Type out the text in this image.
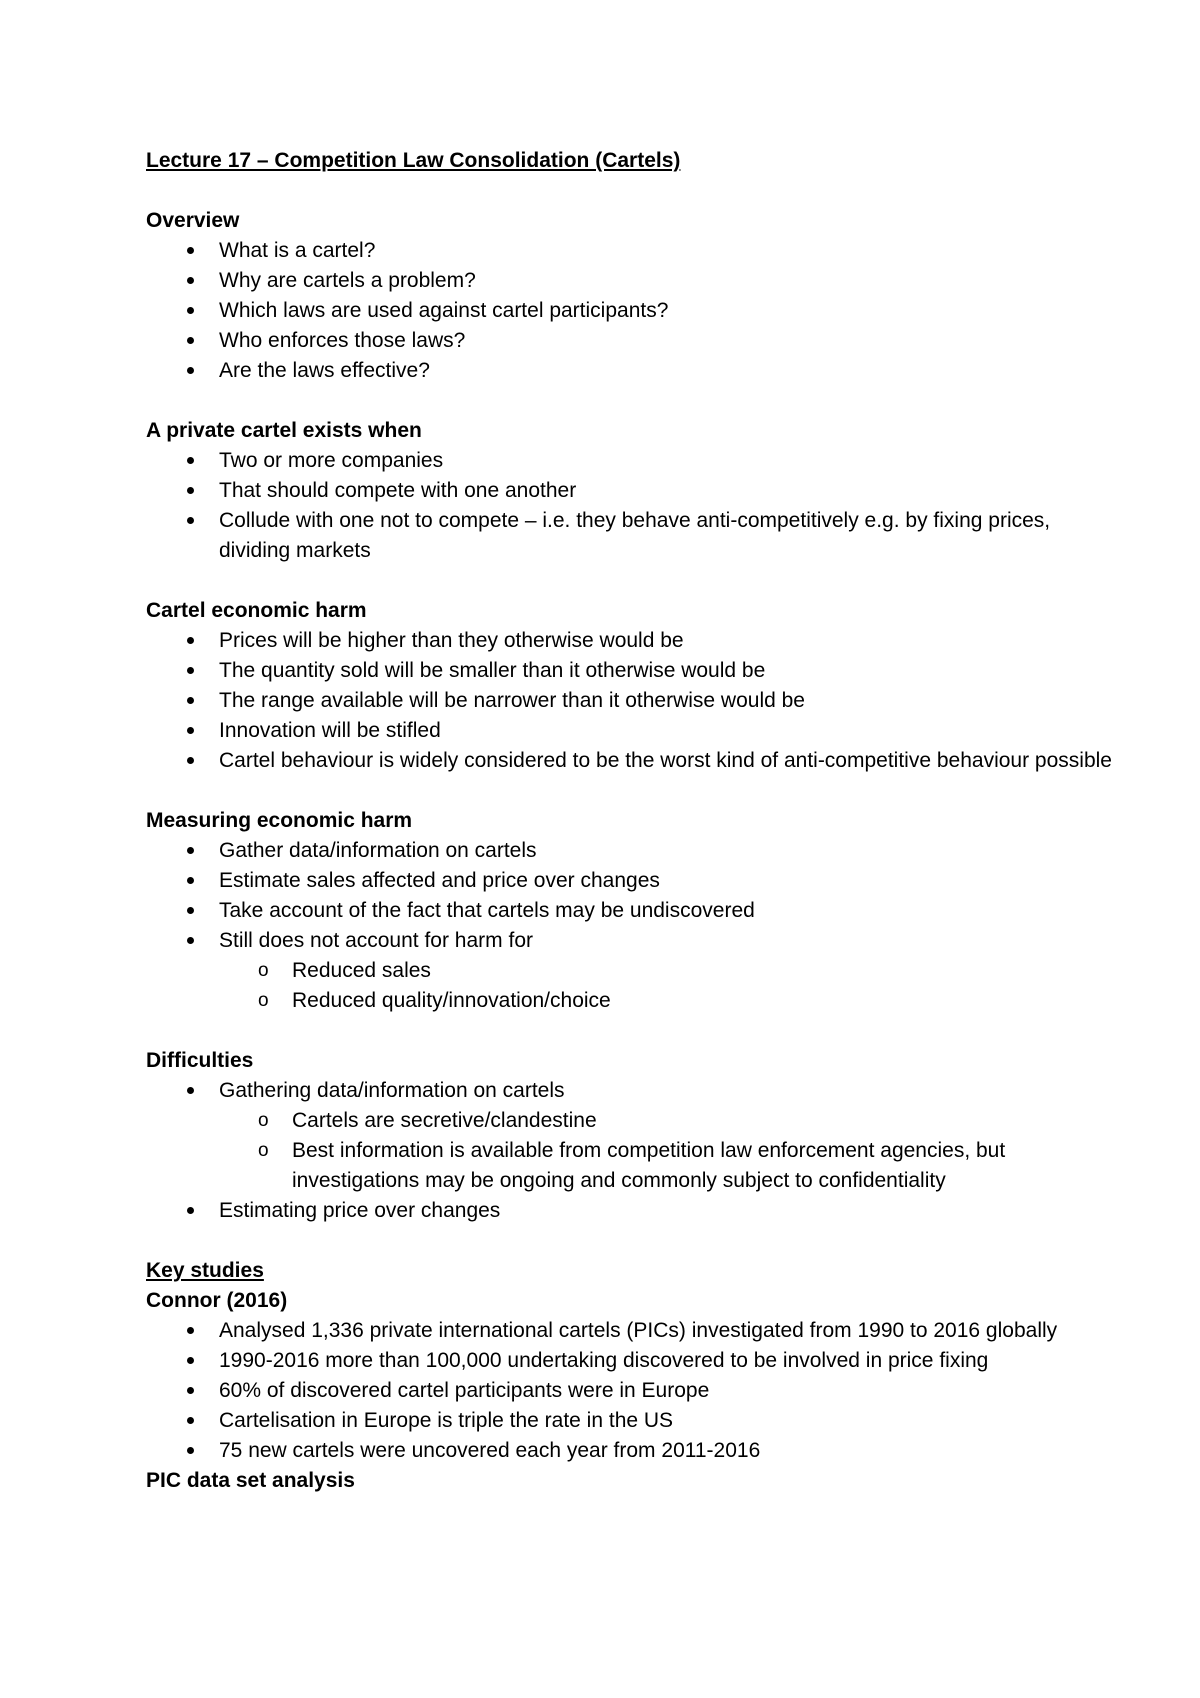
Lecture 17 – Competition Law Consolidation (Cartels)
Overview
What is a cartel?
Why are cartels a problem?
Which laws are used against cartel participants?
Who enforces those laws?
Are the laws effective?
A private cartel exists when
Two or more companies
That should compete with one another
Collude with one not to compete – i.e. they behave anti-competitively e.g. by fixing prices, dividing markets
Cartel economic harm
Prices will be higher than they otherwise would be
The quantity sold will be smaller than it otherwise would be
The range available will be narrower than it otherwise would be
Innovation will be stifled
Cartel behaviour is widely considered to be the worst kind of anti-competitive behaviour possible
Measuring economic harm
Gather data/information on cartels
Estimate sales affected and price over changes
Take account of the fact that cartels may be undiscovered
Still does not account for harm for
o Reduced sales
o Reduced quality/innovation/choice
Difficulties
Gathering data/information on cartels
o Cartels are secretive/clandestine
o Best information is available from competition law enforcement agencies, but investigations may be ongoing and commonly subject to confidentiality
Estimating price over changes
Key studies
Connor (2016)
Analysed 1,336 private international cartels (PICs) investigated from 1990 to 2016 globally
1990-2016 more than 100,000 undertaking discovered to be involved in price fixing
60% of discovered cartel participants were in Europe
Cartelisation in Europe is triple the rate in the US
75 new cartels were uncovered each year from 2011-2016
PIC data set analysis
